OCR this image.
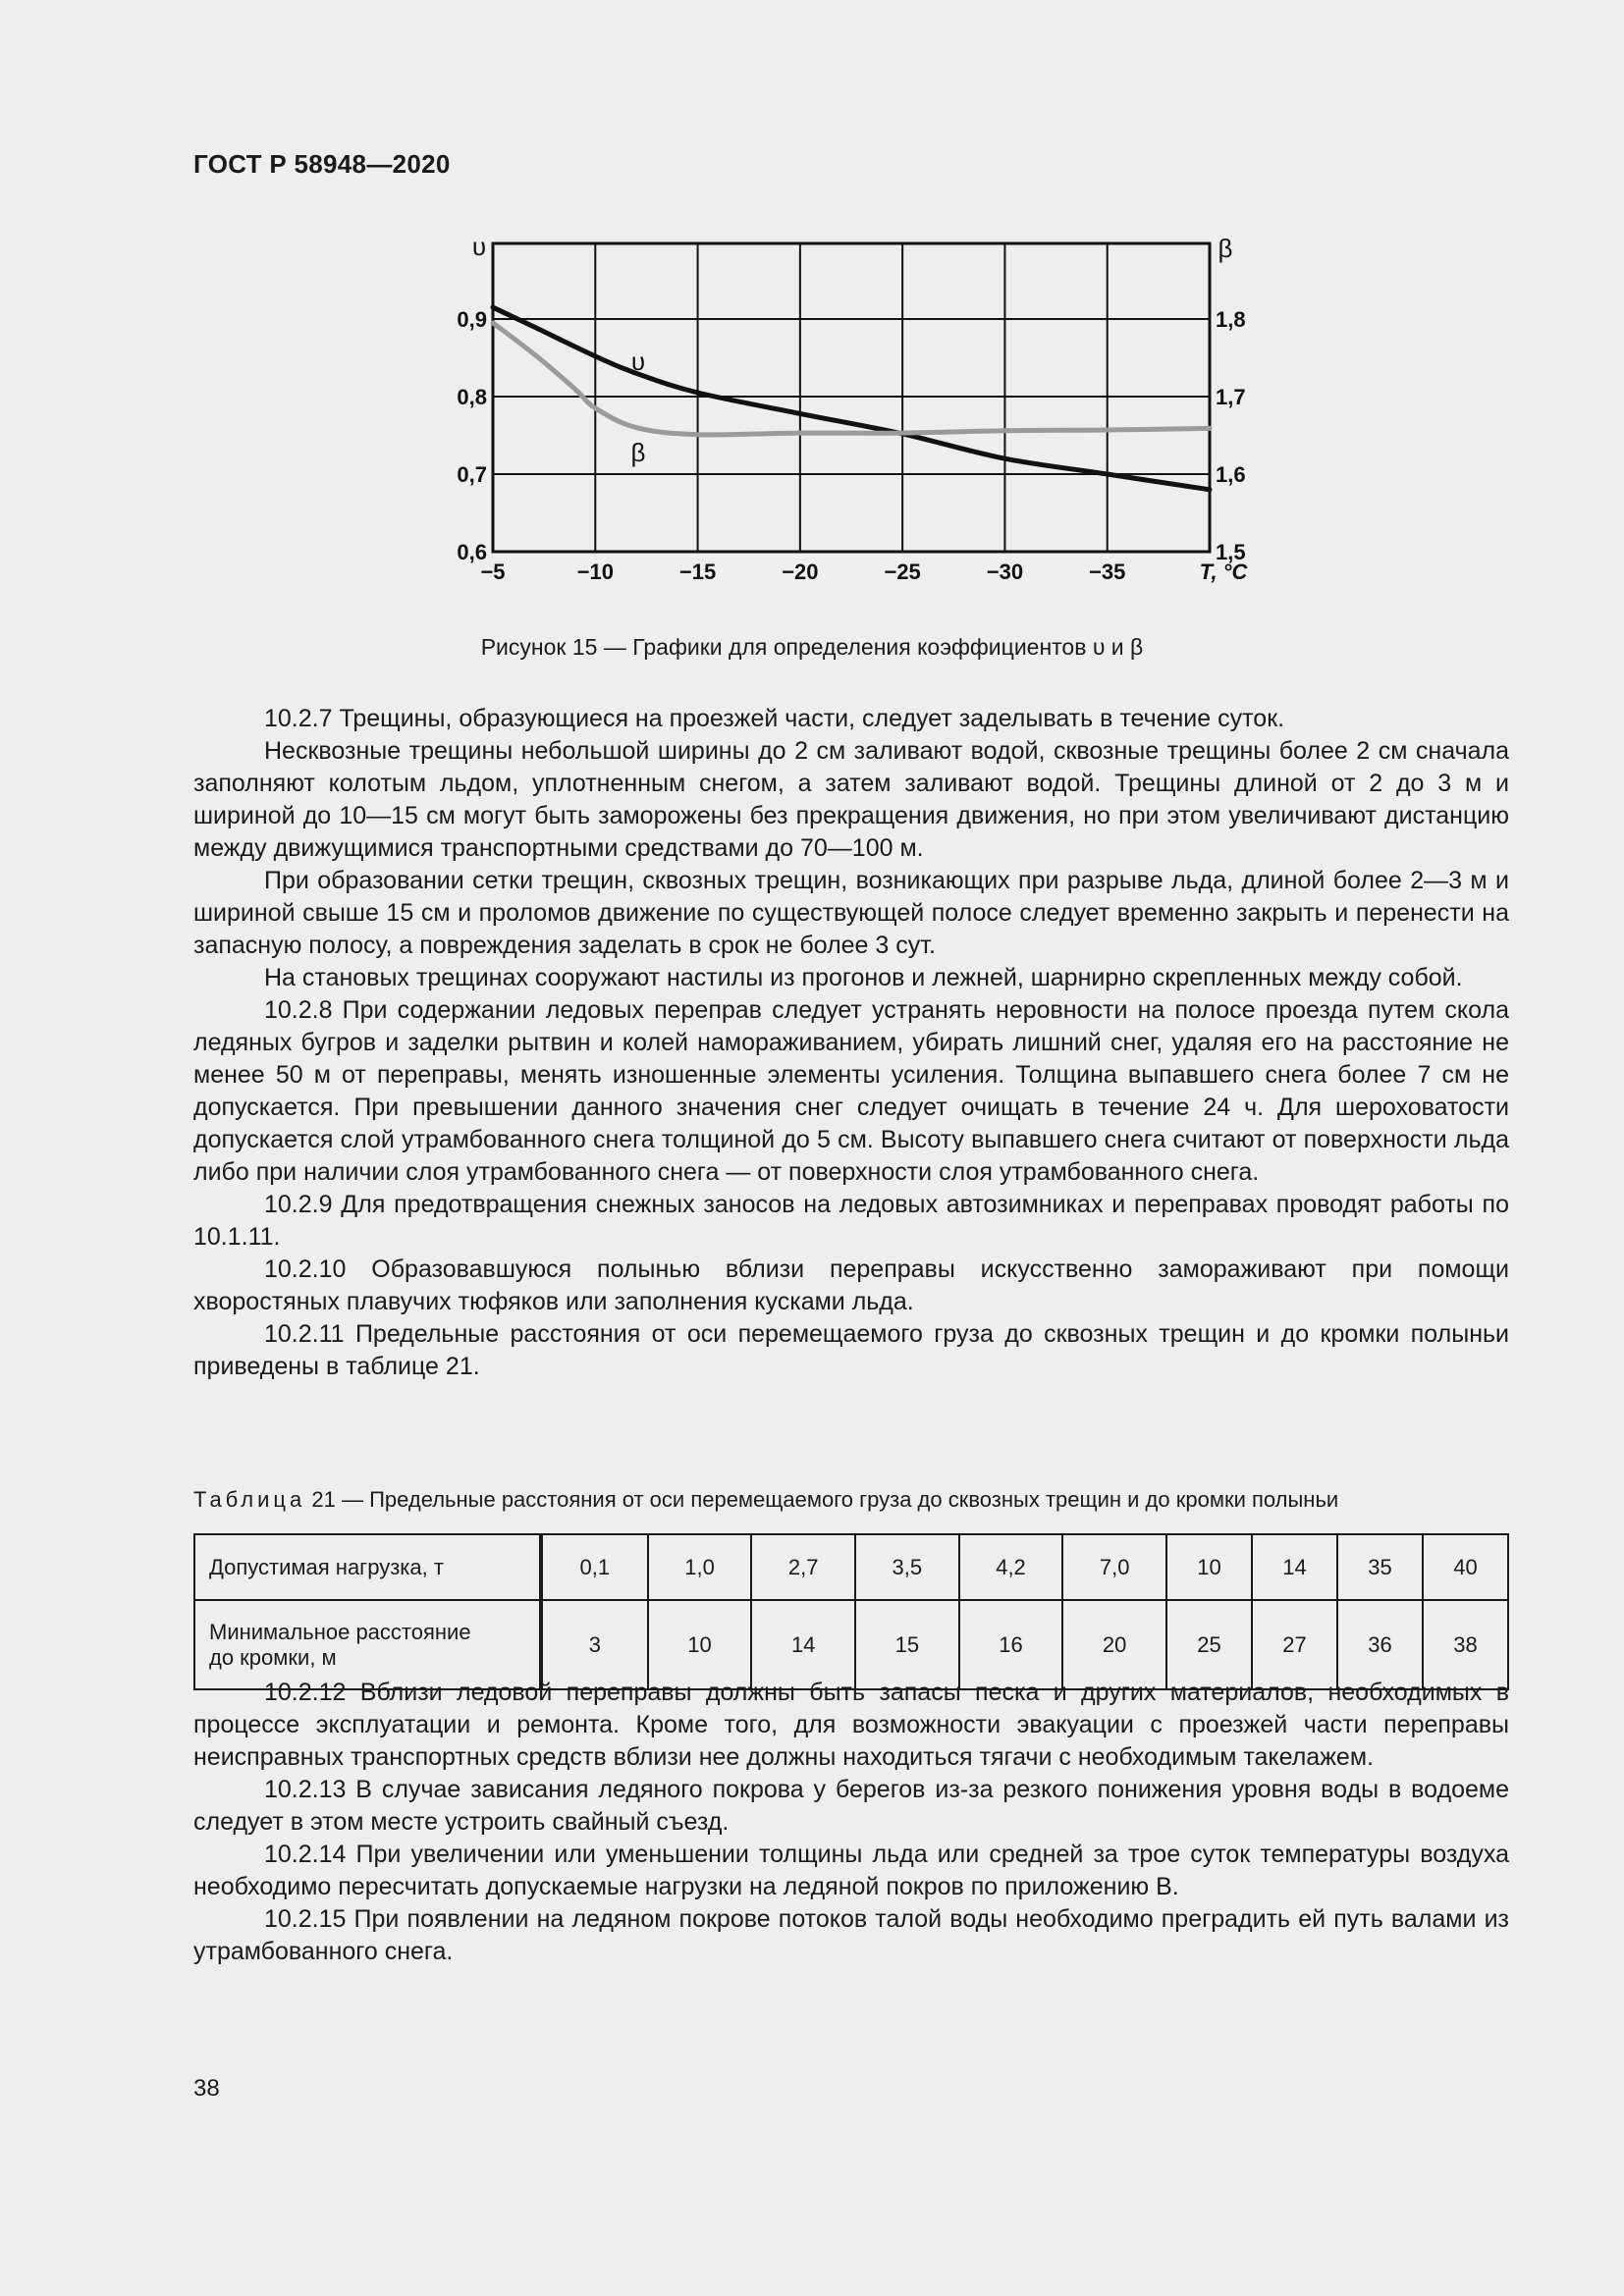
ГОСТ Р 58948—2020
−5	−10	−15	−20	−25	−30	−35	T, °C
0,6
0,7
0,8
0,9
1,5
1,6
1,7
1,8
υ	β
υ
β
Рисунок 15 — Графики для определения коэффициентов υ и β

10.2.7 Трещины, образующиеся на проезжей части, следует заделывать в течение суток.

Несквозные трещины небольшой ширины до 2 см заливают водой, сквозные трещины более 2 см сначала заполняют колотым льдом, уплотненным снегом, а затем заливают водой. Трещины длиной от 2 до 3 м и шириной до 10—15 см могут быть заморожены без прекращения движения, но при этом увеличивают дистанцию между движущимися транспортными средствами до 70—100 м.

При образовании сетки трещин, сквозных трещин, возникающих при разрыве льда, длиной более 2—3 м и шириной свыше 15 см и проломов движение по существующей полосе следует временно закрыть и перенести на запасную полосу, а повреждения заделать в срок не более 3 сут.

На становых трещинах сооружают настилы из прогонов и лежней, шарнирно скрепленных между собой.

10.2.8 При содержании ледовых переправ следует устранять неровности на полосе проезда путем скола ледяных бугров и заделки рытвин и колей намораживанием, убирать лишний снег, удаляя его на расстояние не менее 50 м от переправы, менять изношенные элементы усиления. Толщина выпавшего снега более 7 см не допускается. При превышении данного значения снег следует очищать в течение 24 ч. Для шероховатости допускается слой утрамбованного снега толщиной до 5 см. Высоту выпавшего снега считают от поверхности льда либо при наличии слоя утрамбованного снега — от поверхности слоя утрамбованного снега.

10.2.9 Для предотвращения снежных заносов на ледовых автозимниках и переправах проводят работы по 10.1.11.

10.2.10 Образовавшуюся полынью вблизи переправы искусственно замораживают при помощи хворостяных плавучих тюфяков или заполнения кусками льда.

10.2.11 Предельные расстояния от оси перемещаемого груза до сквозных трещин и до кромки полыньи приведены в таблице 21.

Таблица 21 — Предельные расстояния от оси перемещаемого груза до сквозных трещин и до кромки полыньи
Допустимая нагрузка, т	0,1	1,0	2,7	3,5	4,2	7,0	10	14	35	40
Минимальное расстояние
до кромки, м	3	10	14	15	16	20	25	27	36	38

10.2.12 Вблизи ледовой переправы должны быть запасы песка и других материалов, необходимых в процессе эксплуатации и ремонта. Кроме того, для возможности эвакуации с проезжей части переправы неисправных транспортных средств вблизи нее должны находиться тягачи с необходимым такелажем.

10.2.13 В случае зависания ледяного покрова у берегов из-за резкого понижения уровня воды в водоеме следует в этом месте устроить свайный съезд.

10.2.14 При увеличении или уменьшении толщины льда или средней за трое суток температуры воздуха необходимо пересчитать допускаемые нагрузки на ледяной покров по приложению В.

10.2.15 При появлении на ледяном покрове потоков талой воды необходимо преградить ей путь валами из утрамбованного снега.

38
